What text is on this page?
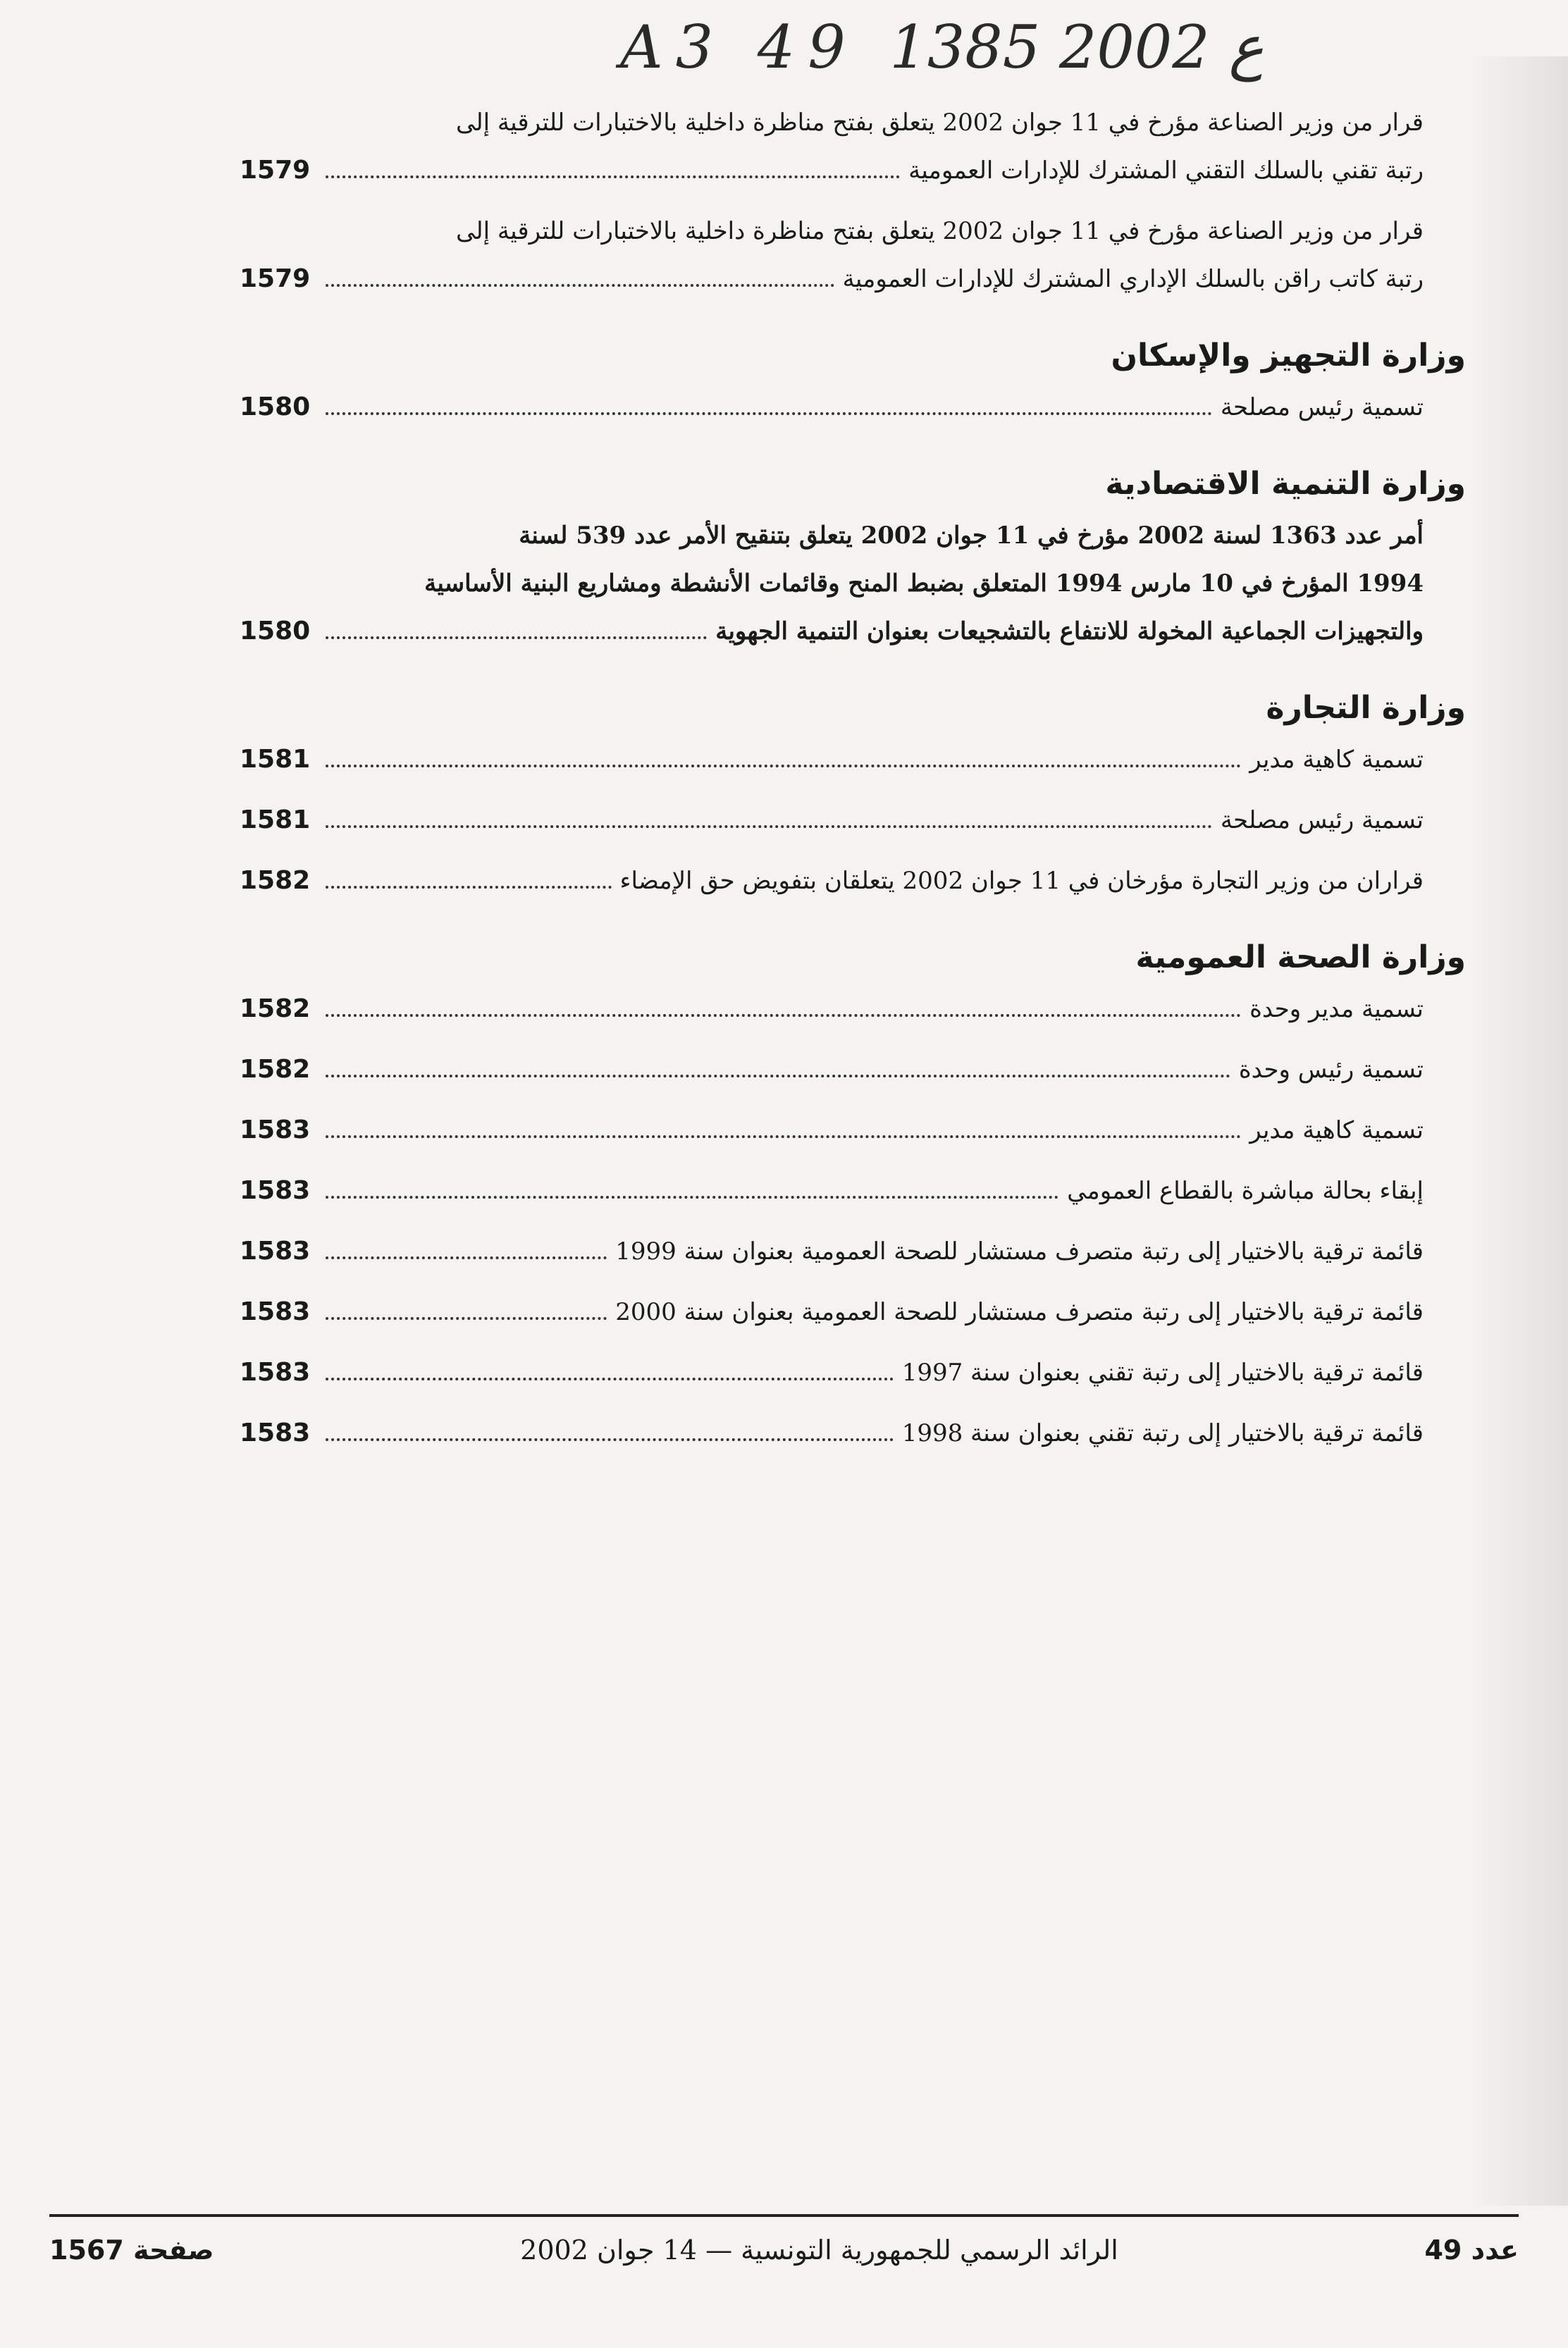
A3 49 ع 2002 1385
قرار من وزير الصناعة مؤرخ في 11 جوان 2002 يتعلق بفتح مناظرة داخلية بالاختبارات للترقية إلى
رتبة تقني بالسلك التقني المشترك للإدارات العمومية
1579
قرار من وزير الصناعة مؤرخ في 11 جوان 2002 يتعلق بفتح مناظرة داخلية بالاختبارات للترقية إلى
رتبة كاتب راقن بالسلك الإداري المشترك للإدارات العمومية
1579
وزارة التجهيز والإسكان
تسمية رئيس مصلحة
1580
وزارة التنمية الاقتصادية
أمر عدد 1363 لسنة 2002 مؤرخ في 11 جوان 2002 يتعلق بتنقيح الأمر عدد 539 لسنة
1994 المؤرخ في 10 مارس 1994 المتعلق بضبط المنح وقائمات الأنشطة ومشاريع البنية الأساسية
والتجهيزات الجماعية المخولة للانتفاع بالتشجيعات بعنوان التنمية الجهوية
1580
وزارة التجارة
تسمية كاهية مدير
1581
تسمية رئيس مصلحة
1581
قراران من وزير التجارة مؤرخان في 11 جوان 2002 يتعلقان بتفويض حق الإمضاء
1582
وزارة الصحة العمومية
تسمية مدير وحدة
1582
تسمية رئيس وحدة
1582
تسمية كاهية مدير
1583
إبقاء بحالة مباشرة بالقطاع العمومي
1583
قائمة ترقية بالاختيار إلى رتبة متصرف مستشار للصحة العمومية بعنوان سنة 1999
1583
قائمة ترقية بالاختيار إلى رتبة متصرف مستشار للصحة العمومية بعنوان سنة 2000
1583
قائمة ترقية بالاختيار إلى رتبة تقني بعنوان سنة 1997
1583
قائمة ترقية بالاختيار إلى رتبة تقني بعنوان سنة 1998
1583
عدد 49
الرائد الرسمي للجمهورية التونسية — 14 جوان 2002
صفحة 1567
